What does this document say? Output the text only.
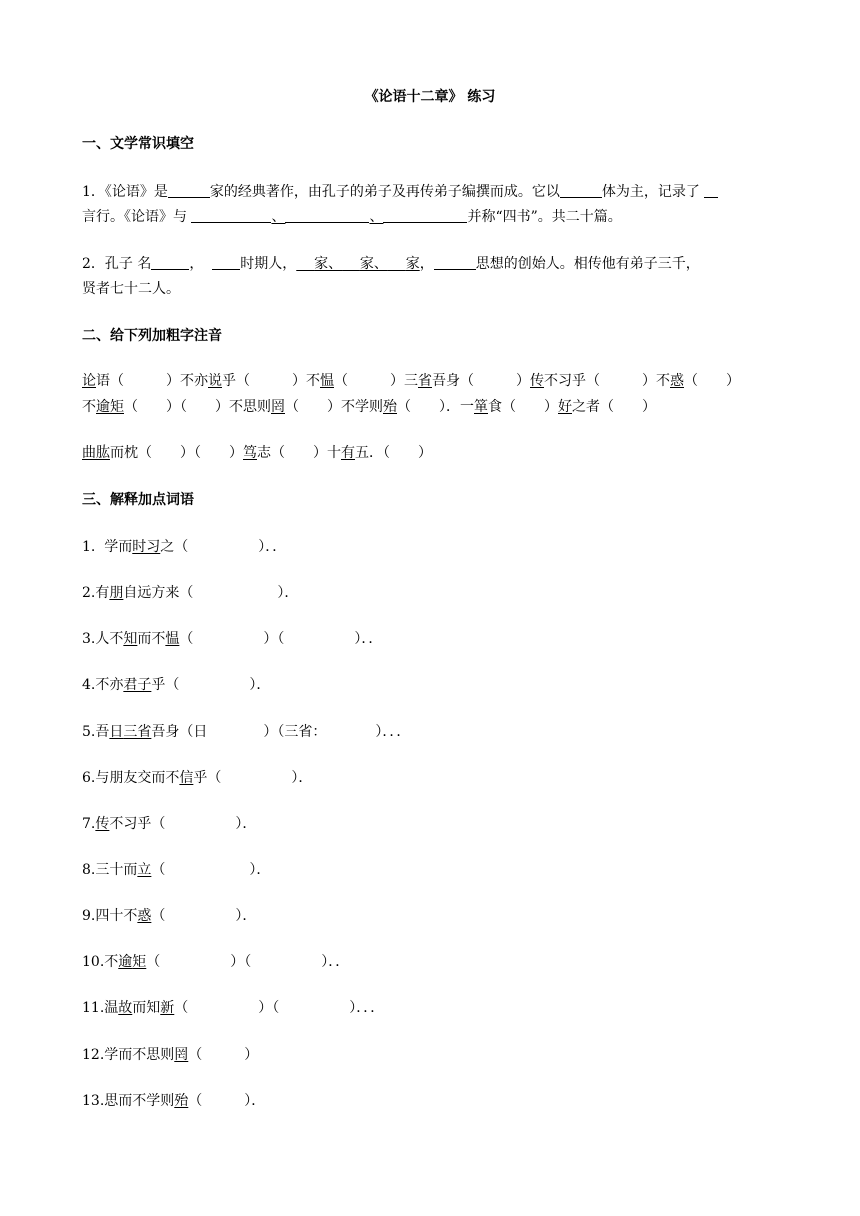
《论语十二章》 练习
一、文学常识填空
1．《论语》是	家的经典著作，由孔子的弟子及再传弟子编撰而成。它以	体为主，记录了
言行。《论语》与	、	、	并称“四书”。共二十篇。
2．孔子 名	，	时期人， 家、 家、 家，	思想的创始人。相传他有弟子三千，
贤者七十二人。
二、给下列加粗字注音
论语（　　　）不亦说乎（　　　）不愠（　　　）三省吾身（　　　）传不习乎（　　　）不惑（　　）
不逾矩（　　）（　　）不思则罔（　　）不学则殆（　　）．一箪食（　　）好之者（　　）
曲肱而枕（　　）（　　）笃志（　　）十有五．（　　）
三、解释加点词语
1.  学而时习之（　　　　　）．．
2.有朋自远方来（　　　　　　）．
3.人不知而不愠（　　　　　）（　　　　　）．．
4.不亦君子乎（　　　　　）．
5.吾日三省吾身（日　　　　）（三省：　　　　）．．．
6.与朋友交而不信乎（　　　　　）．
7.传不习乎（　　　　　）．
8.三十而立（　　　　　　）．
9.四十不惑（　　　　　）．
10.不逾矩（　　　　　）（　　　　　）．．
11.温故而知新（　　　　　）（　　　　　）．．．
12.学而不思则罔（　　　）
13.思而不学则殆（　　　）．
